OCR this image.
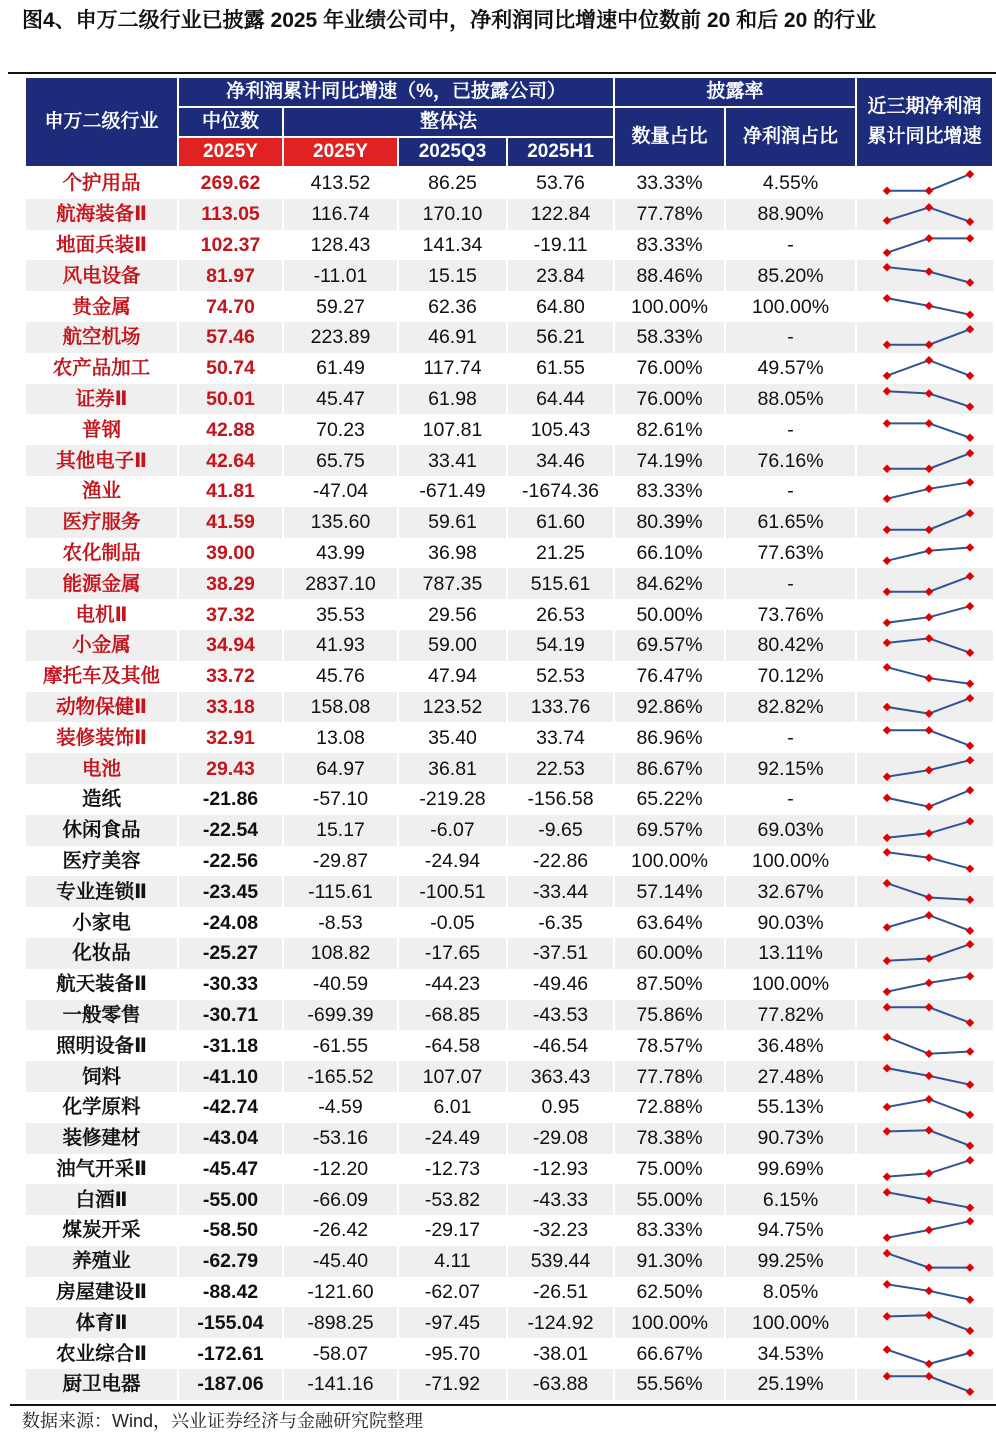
图4、申万二级行业已披露 2025 年业绩公司中，净利润同比增速中位数前 20 和后 20 的行业
申万二级行业	净利润累计同比增速（%，已披露公司）				披露率		近三期净利润累计同比增速
	中位数	整体法			数量占比	净利润占比	
	2025Y	2025Y	2025Q3	2025H1			
个护用品	269.62	413.52	86.25	53.76	33.33%	4.55%	

航海装备Ⅱ	113.05	116.74	170.10	122.84	77.78%	88.90%	

地面兵装Ⅱ	102.37	128.43	141.34	-19.11	83.33%	-	

风电设备	81.97	-11.01	15.15	23.84	88.46%	85.20%	

贵金属	74.70	59.27	62.36	64.80	100.00%	100.00%	

航空机场	57.46	223.89	46.91	56.21	58.33%	-	

农产品加工	50.74	61.49	117.74	61.55	76.00%	49.57%	

证券Ⅱ	50.01	45.47	61.98	64.44	76.00%	88.05%	

普钢	42.88	70.23	107.81	105.43	82.61%	-	

其他电子Ⅱ	42.64	65.75	33.41	34.46	74.19%	76.16%	

渔业	41.81	-47.04	-671.49	-1674.36	83.33%	-	

医疗服务	41.59	135.60	59.61	61.60	80.39%	61.65%	

农化制品	39.00	43.99	36.98	21.25	66.10%	77.63%	

能源金属	38.29	2837.10	787.35	515.61	84.62%	-	

电机Ⅱ	37.32	35.53	29.56	26.53	50.00%	73.76%	

小金属	34.94	41.93	59.00	54.19	69.57%	80.42%	

摩托车及其他	33.72	45.76	47.94	52.53	76.47%	70.12%	

动物保健Ⅱ	33.18	158.08	123.52	133.76	92.86%	82.82%	

装修装饰Ⅱ	32.91	13.08	35.40	33.74	86.96%	-	

电池	29.43	64.97	36.81	22.53	86.67%	92.15%	

造纸	-21.86	-57.10	-219.28	-156.58	65.22%	-	

休闲食品	-22.54	15.17	-6.07	-9.65	69.57%	69.03%	

医疗美容	-22.56	-29.87	-24.94	-22.86	100.00%	100.00%	

专业连锁Ⅱ	-23.45	-115.61	-100.51	-33.44	57.14%	32.67%	

小家电	-24.08	-8.53	-0.05	-6.35	63.64%	90.03%	

化妆品	-25.27	108.82	-17.65	-37.51	60.00%	13.11%	

航天装备Ⅱ	-30.33	-40.59	-44.23	-49.46	87.50%	100.00%	

一般零售	-30.71	-699.39	-68.85	-43.53	75.86%	77.82%	

照明设备Ⅱ	-31.18	-61.55	-64.58	-46.54	78.57%	36.48%	

饲料	-41.10	-165.52	107.07	363.43	77.78%	27.48%	

化学原料	-42.74	-4.59	6.01	0.95	72.88%	55.13%	

装修建材	-43.04	-53.16	-24.49	-29.08	78.38%	90.73%	

油气开采Ⅱ	-45.47	-12.20	-12.73	-12.93	75.00%	99.69%	

白酒Ⅱ	-55.00	-66.09	-53.82	-43.33	55.00%	6.15%	

煤炭开采	-58.50	-26.42	-29.17	-32.23	83.33%	94.75%	

养殖业	-62.79	-45.40	4.11	539.44	91.30%	99.25%	

房屋建设Ⅱ	-88.42	-121.60	-62.07	-26.51	62.50%	8.05%	

体育Ⅱ	-155.04	-898.25	-97.45	-124.92	100.00%	100.00%	

农业综合Ⅱ	-172.61	-58.07	-95.70	-38.01	66.67%	34.53%	

厨卫电器	-187.06	-141.16	-71.92	-63.88	55.56%	25.19%	
数据来源：Wind，兴业证券经济与金融研究院整理
